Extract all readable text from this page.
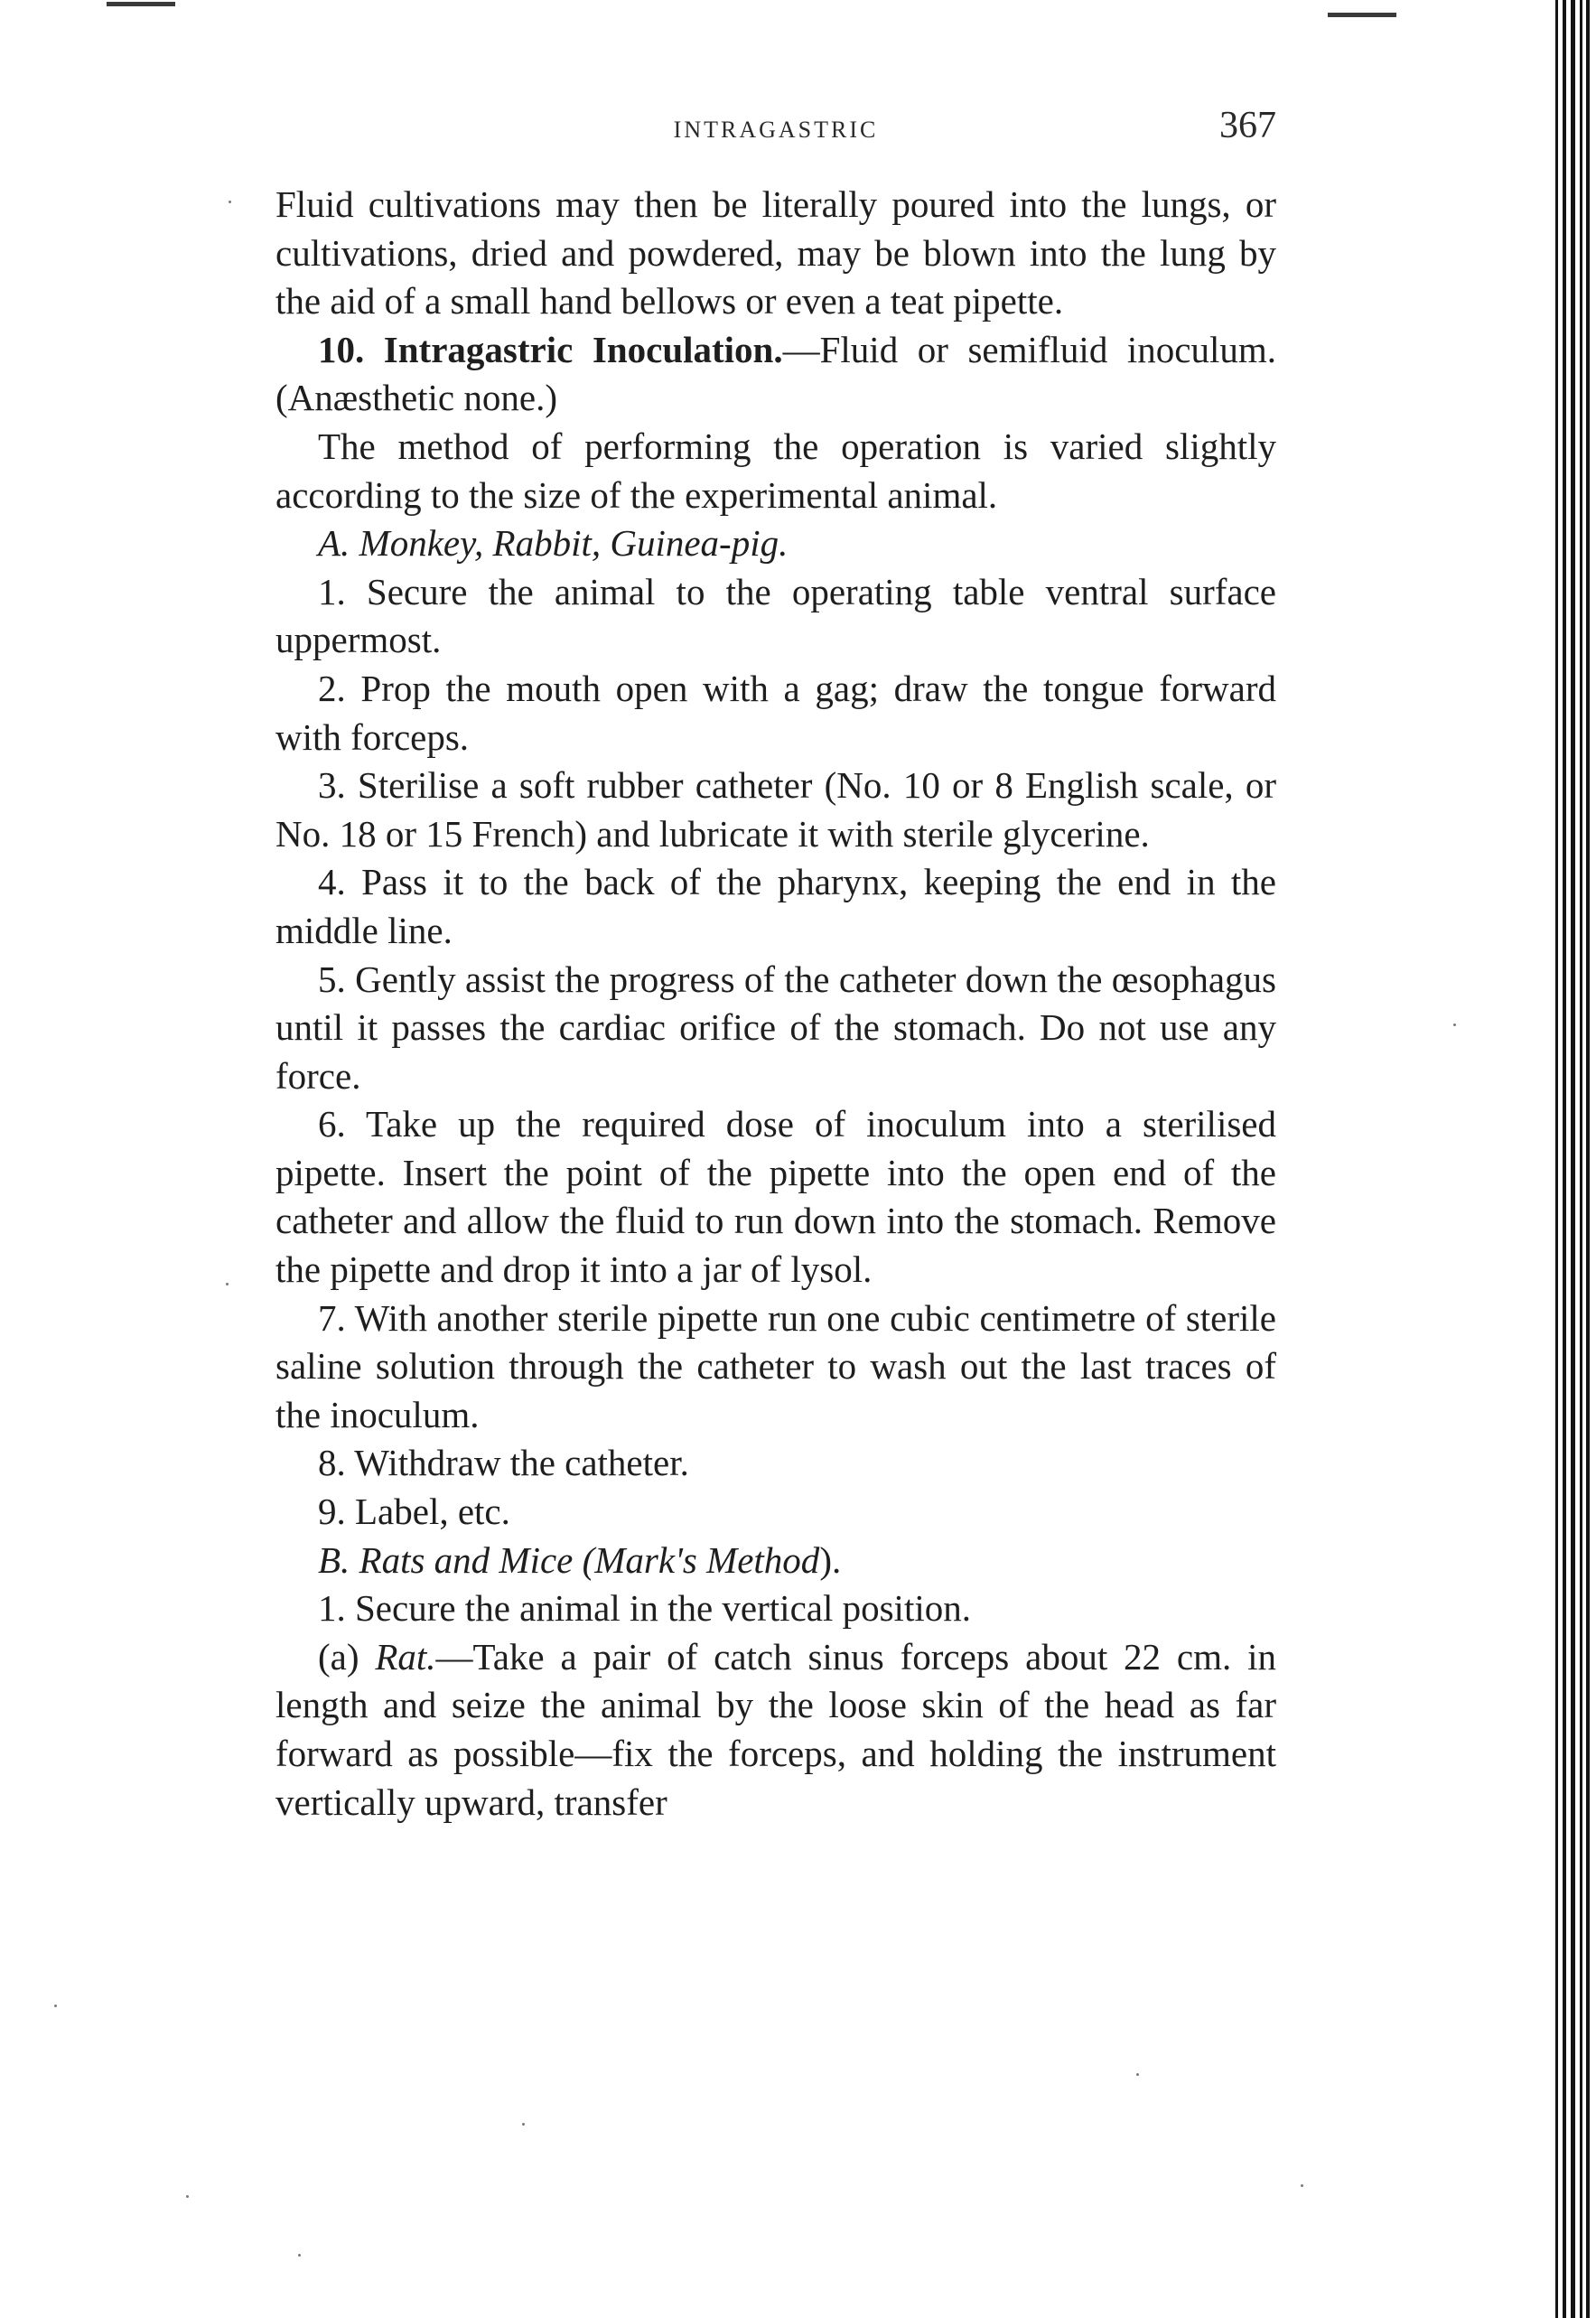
INTRAGASTRIC	367

Fluid cultivations may then be literally poured into the lungs, or cultivations, dried and powdered, may be blown into the lung by the aid of a small hand bellows or even a teat pipette.

10. Intragastric Inoculation.—Fluid or semifluid inoculum. (Anæsthetic none.)

The method of performing the operation is varied slightly according to the size of the experimental animal.

A. Monkey, Rabbit, Guinea-pig.

1. Secure the animal to the operating table ventral surface uppermost.

2. Prop the mouth open with a gag; draw the tongue forward with forceps.

3. Sterilise a soft rubber catheter (No. 10 or 8 English scale, or No. 18 or 15 French) and lubricate it with sterile glycerine.

4. Pass it to the back of the pharynx, keeping the end in the middle line.

5. Gently assist the progress of the catheter down the œsophagus until it passes the cardiac orifice of the stomach. Do not use any force.

6. Take up the required dose of inoculum into a sterilised pipette. Insert the point of the pipette into the open end of the catheter and allow the fluid to run down into the stomach. Remove the pipette and drop it into a jar of lysol.

7. With another sterile pipette run one cubic centimetre of sterile saline solution through the catheter to wash out the last traces of the inoculum.

8. Withdraw the catheter.

9. Label, etc.

B. Rats and Mice (Mark's Method).

1. Secure the animal in the vertical position.

(a) Rat.—Take a pair of catch sinus forceps about 22 cm. in length and seize the animal by the loose skin of the head as far forward as possible—fix the forceps, and holding the instrument vertically upward, transfer
